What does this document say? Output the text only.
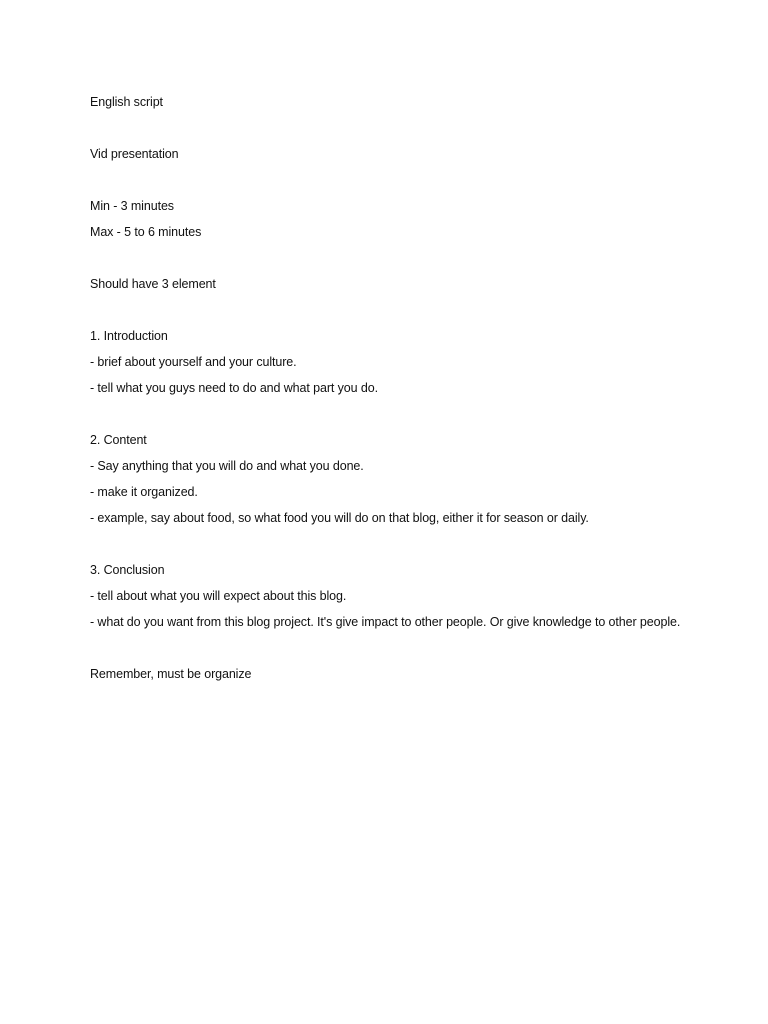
English script
Vid presentation
Min - 3 minutes
Max - 5 to 6 minutes
Should have 3 element
1. Introduction
- brief about yourself and your culture.
- tell what you guys need to do and what part you do.
2. Content
- Say anything that you will do and what you done.
- make it organized.
- example, say about food, so what food you will do on that blog, either it for season or daily.
3. Conclusion
- tell about what you will expect about this blog.
- what do you want from this blog project. It's give impact to other people. Or give knowledge to other people.
Remember, must be organize
